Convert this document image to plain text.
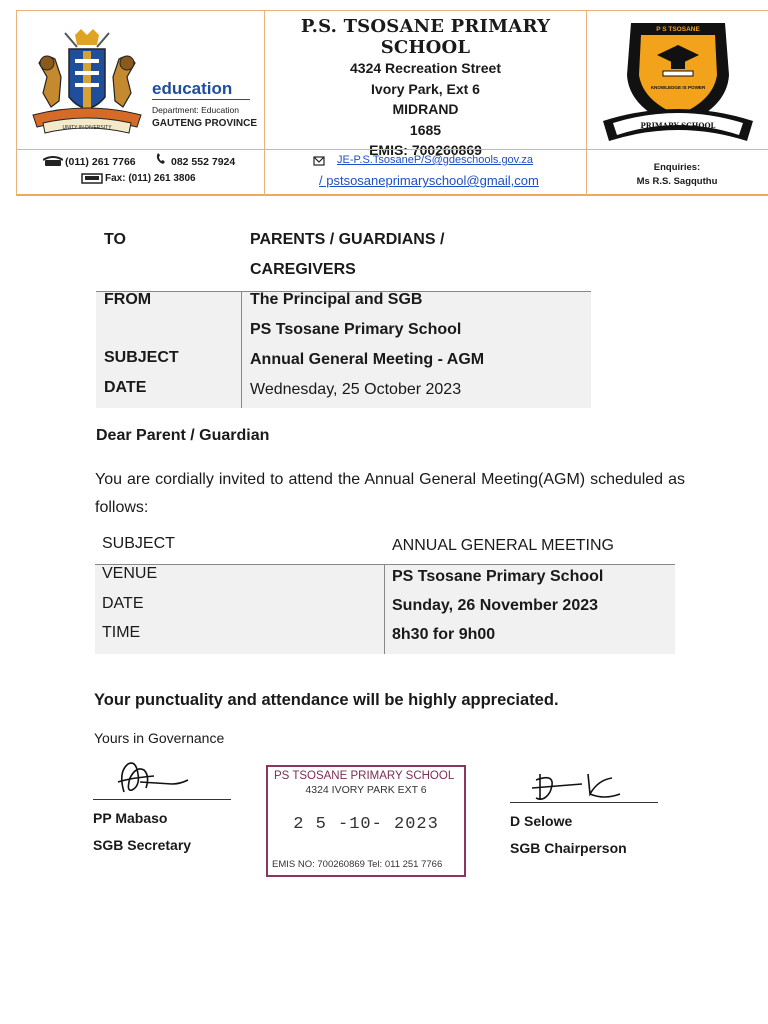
UNITY IN DIVERSITY
education
Department: Education
GAUTENG PROVINCE
P.S. TSOSANE PRIMARY SCHOOL
4324 Recreation Street
Ivory Park, Ext 6
MIDRAND
1685
EMIS: 700260869
P S TSOSANE
KNOWLEDGE IS POWER
PRIMARY SCHOOL
(011) 261 7766	082 552 7924
Fax: (011) 261 3806
JE-P.S.TsosaneP/S@gdeschools.gov.za
/ pstsosaneprimaryschool@gmail,com
Enquiries:
Ms R.S. Sagquthu
TO	PARENTS / GUARDIANS /
CAREGIVERS
FROM	The Principal and SGB
PS Tsosane Primary School
SUBJECT	Annual General Meeting - AGM
DATE	Wednesday, 25 October 2023
Dear Parent / Guardian
You are cordially invited to attend the Annual General Meeting(AGM) scheduled as follows:
SUBJECT	ANNUAL GENERAL MEETING
VENUE	PS Tsosane Primary School
DATE	Sunday, 26 November 2023
TIME	8h30 for 9h00
Your punctuality and attendance will be highly appreciated.
Yours in Governance
PP Mabaso
SGB Secretary
D Selowe
SGB Chairperson
PS TSOSANE PRIMARY SCHOOL
4324 IVORY PARK EXT 6
2 5 -10- 2023
EMIS NO: 700260869 Tel: 011 251 7766
